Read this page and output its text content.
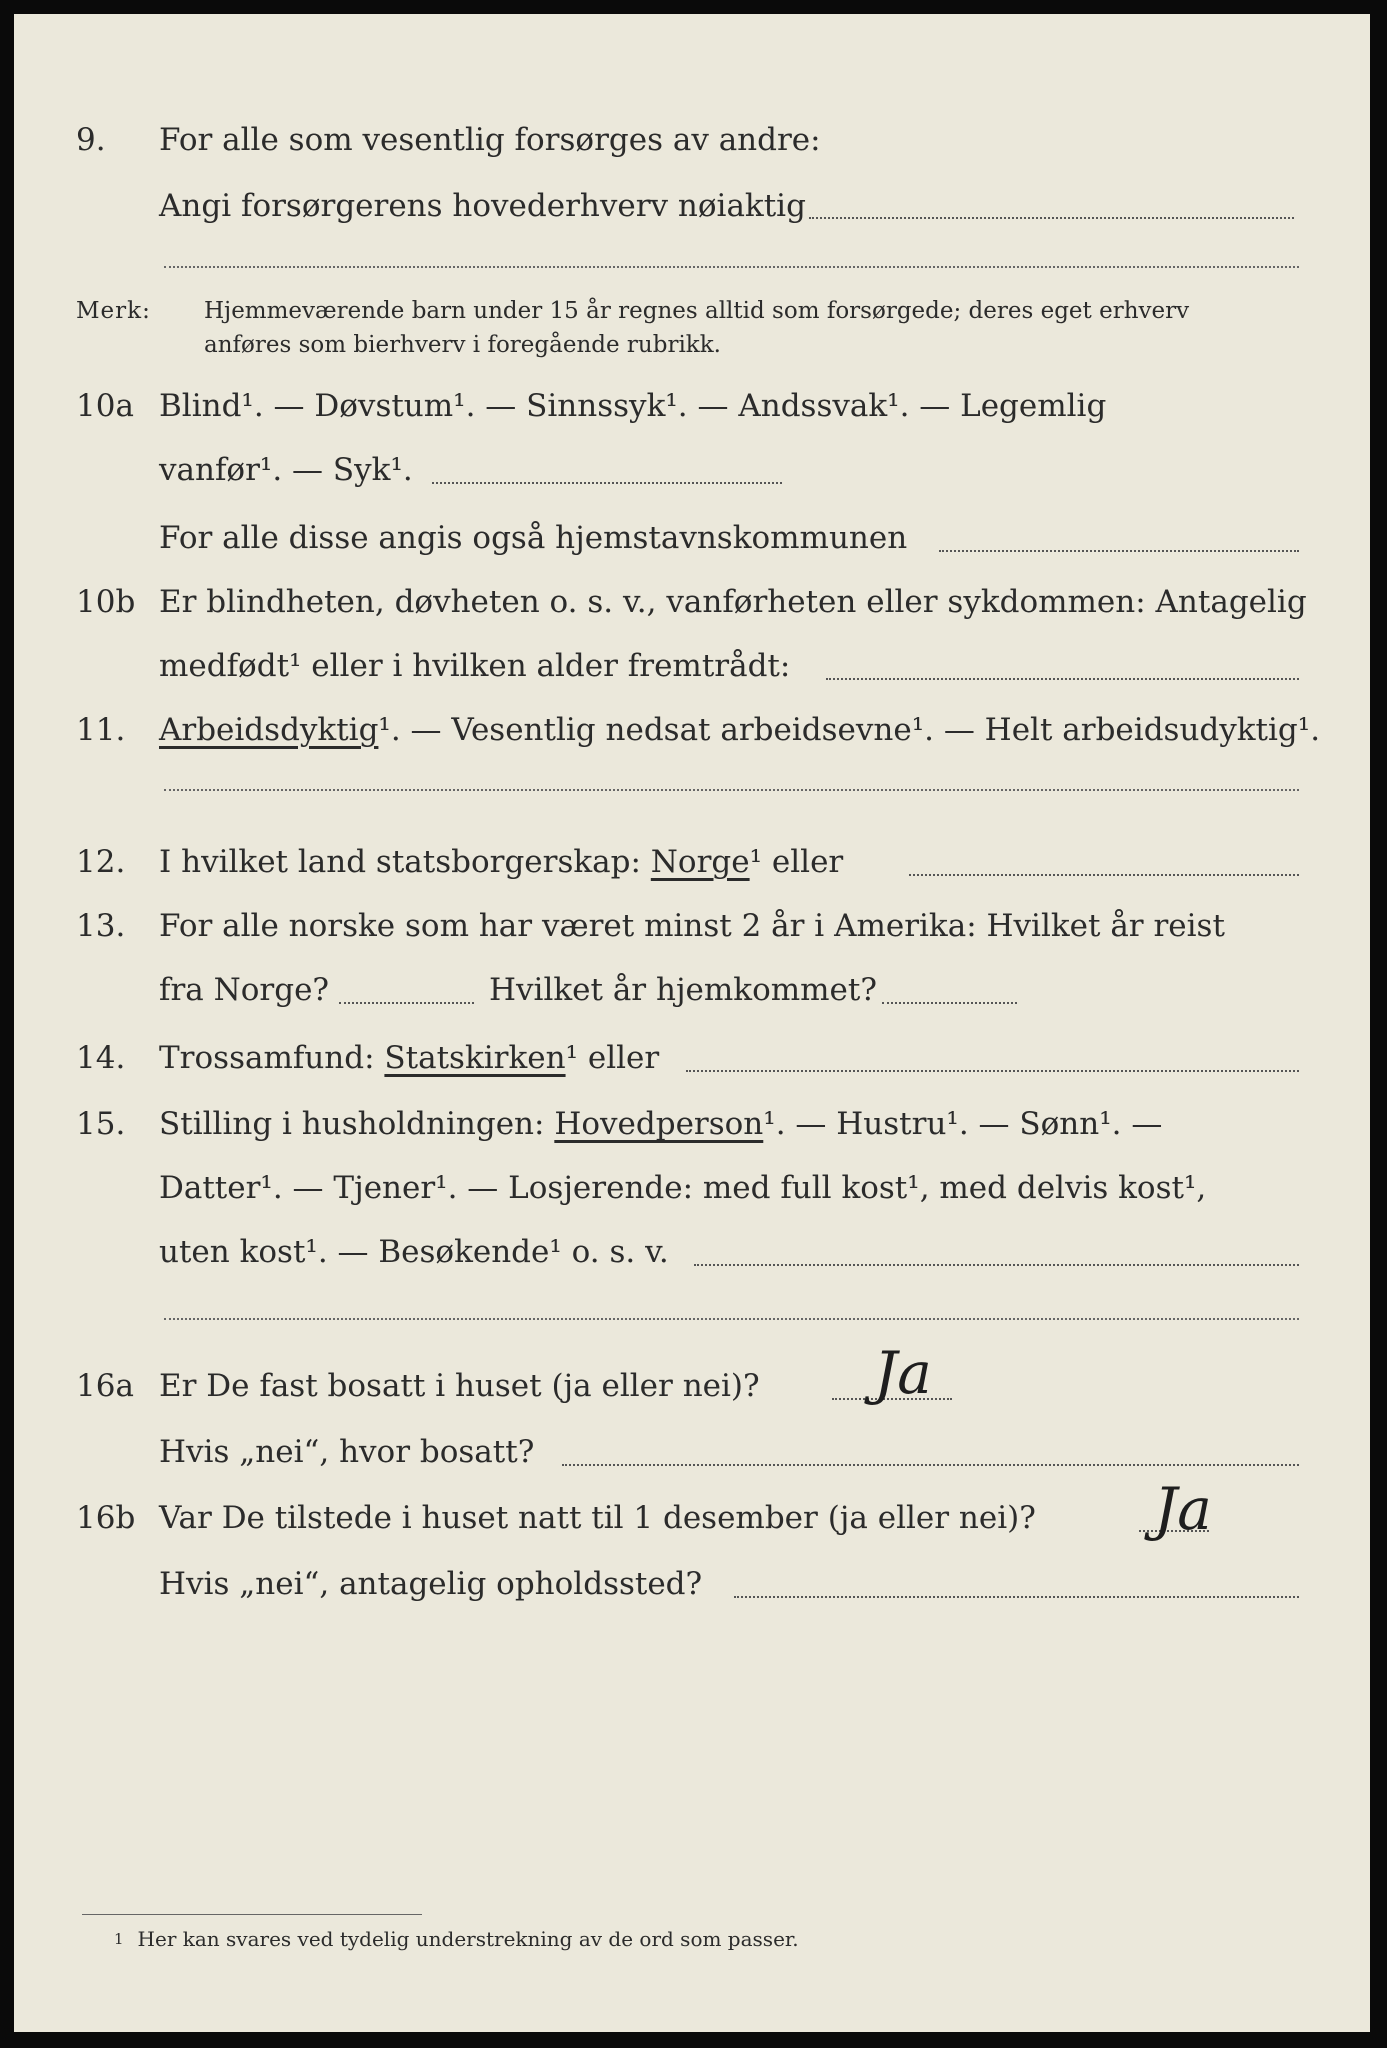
9. For alle som vesentlig forsørges av andre:
Angi forsørgerens hovederhverv nøiaktig
Merk: Hjemmeværende barn under 15 år regnes alltid som forsørgede; deres eget erhverv
anføres som bierhverv i foregående rubrikk.
10a Blind¹. — Døvstum¹. — Sinnssyk¹. — Andssvak¹. — Legemlig
vanfør¹. — Syk¹.
For alle disse angis også hjemstavnskommunen
10b Er blindheten, døvheten o. s. v., vanførheten eller sykdommen: Antagelig
medfødt¹ eller i hvilken alder fremtrådt:
11. Arbeidsdyktig¹. — Vesentlig nedsat arbeidsevne¹. — Helt arbeidsudyktig¹.
12. I hvilket land statsborgerskap: Norge¹ eller
13. For alle norske som har været minst 2 år i Amerika: Hvilket år reist
fra Norge?	Hvilket år hjemkommet?
14. Trossamfund: Statskirken¹ eller
15. Stilling i husholdningen: Hovedperson¹. — Hustru¹. — Sønn¹. —
Datter¹. — Tjener¹. — Losjerende: med full kost¹, med delvis kost¹,
uten kost¹. — Besøkende¹ o. s. v.
16a Er De fast bosatt i huset (ja eller nei)? Ja
Hvis „nei“, hvor bosatt?
16b Var De tilstede i huset natt til 1 desember (ja eller nei)? Ja
Hvis „nei“, antagelig opholdssted?
$^1$ Her kan svares ved tydelig understrekning av de ord som passer.
